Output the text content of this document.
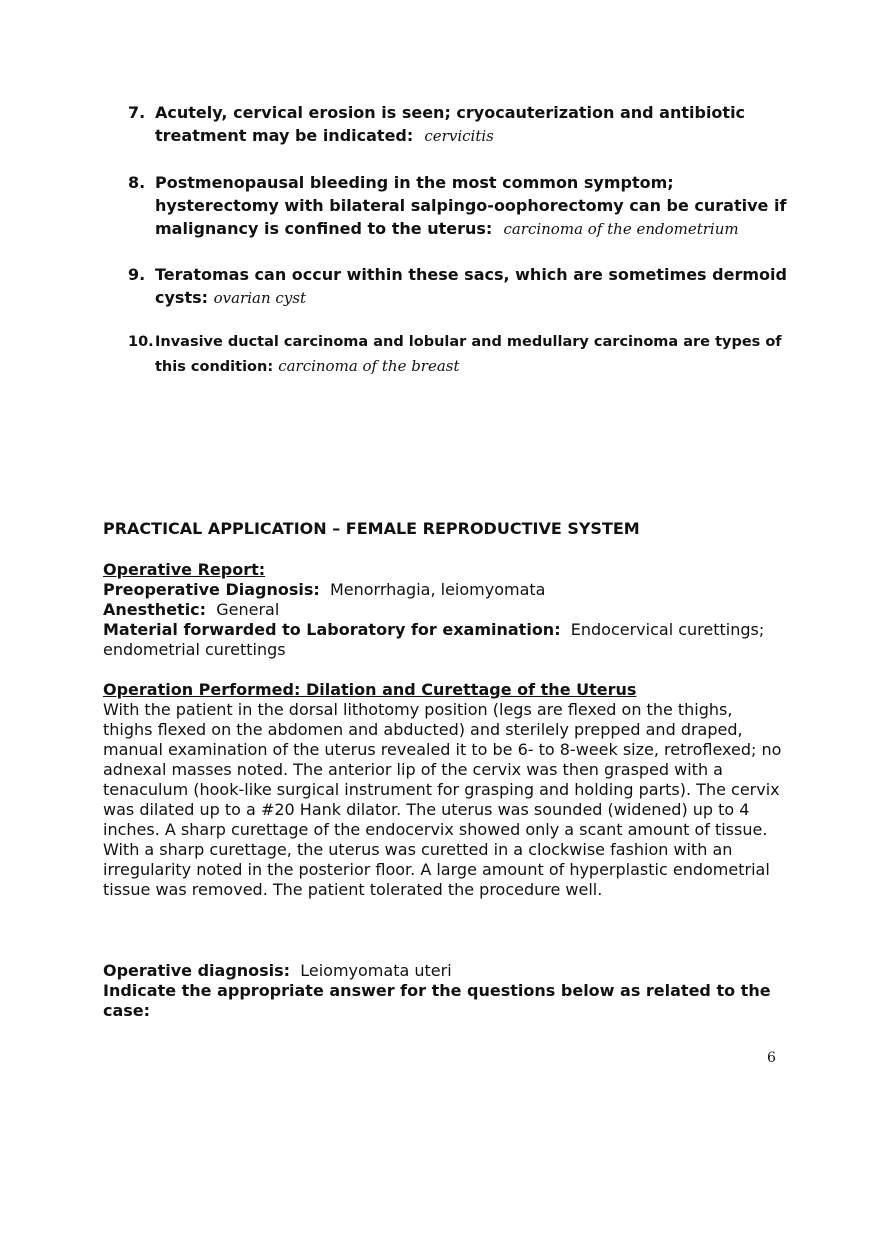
7. Acutely, cervical erosion is seen; cryocauterization and antibiotic treatment may be indicated: cervicitis
8. Postmenopausal bleeding in the most common symptom; hysterectomy with bilateral salpingo-oophorectomy can be curative if malignancy is confined to the uterus: carcinoma of the endometrium
9. Teratomas can occur within these sacs, which are sometimes dermoid cysts: ovarian cyst
10. Invasive ductal carcinoma and lobular and medullary carcinoma are types of this condition: carcinoma of the breast
PRACTICAL APPLICATION – FEMALE REPRODUCTIVE SYSTEM
Operative Report:
Preoperative Diagnosis: Menorrhagia, leiomyomata
Anesthetic: General
Material forwarded to Laboratory for examination: Endocervical curettings; endometrial curettings
Operation Performed: Dilation and Curettage of the Uterus
With the patient in the dorsal lithotomy position (legs are flexed on the thighs, thighs flexed on the abdomen and abducted) and sterilely prepped and draped, manual examination of the uterus revealed it to be 6- to 8-week size, retroflexed; no adnexal masses noted. The anterior lip of the cervix was then grasped with a tenaculum (hook-like surgical instrument for grasping and holding parts). The cervix was dilated up to a #20 Hank dilator. The uterus was sounded (widened) up to 4 inches. A sharp curettage of the endocervix showed only a scant amount of tissue. With a sharp curettage, the uterus was curetted in a clockwise fashion with an irregularity noted in the posterior floor. A large amount of hyperplastic endometrial tissue was removed. The patient tolerated the procedure well.
Operative diagnosis: Leiomyomata uteri
Indicate the appropriate answer for the questions below as related to the case:
6
